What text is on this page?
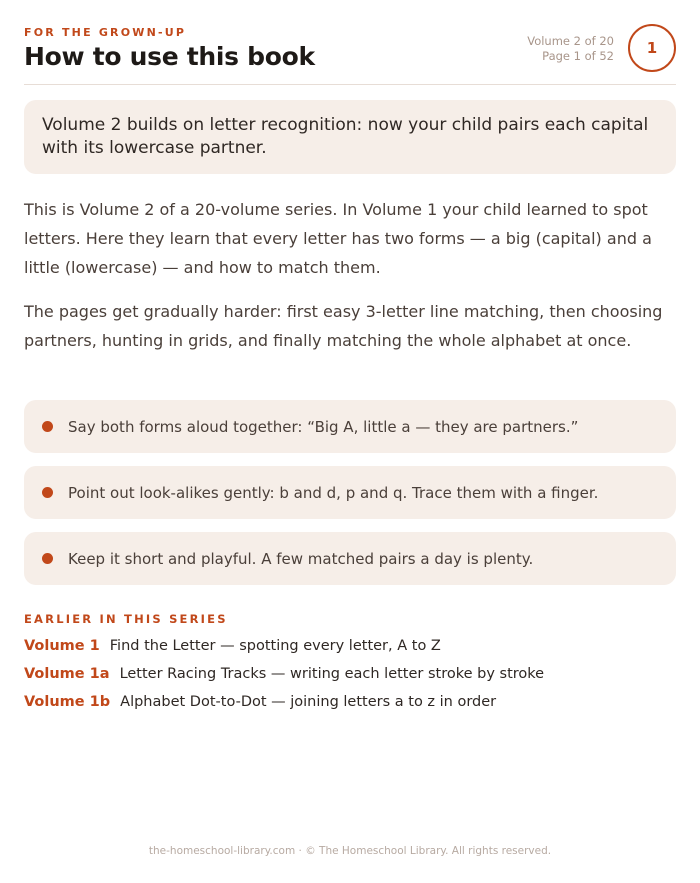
FOR THE GROWN-UP
How to use this book
Volume 2 of 20
Page 1 of 52	1
Volume 2 builds on letter recognition: now your child pairs each capital with its lowercase partner.
This is Volume 2 of a 20-volume series. In Volume 1 your child learned to spot letters. Here they learn that every letter has two forms — a big (capital) and a little (lowercase) — and how to match them.
The pages get gradually harder: first easy 3-letter line matching, then choosing partners, hunting in grids, and finally matching the whole alphabet at once.
Say both forms aloud together: “Big A, little a — they are partners.”
Point out look-alikes gently: b and d, p and q. Trace them with a finger.
Keep it short and playful. A few matched pairs a day is plenty.
EARLIER IN THIS SERIES
Volume 1 Find the Letter — spotting every letter, A to Z
Volume 1a Letter Racing Tracks — writing each letter stroke by stroke
Volume 1b Alphabet Dot-to-Dot — joining letters a to z in order
the-homeschool-library.com · © The Homeschool Library. All rights reserved.
